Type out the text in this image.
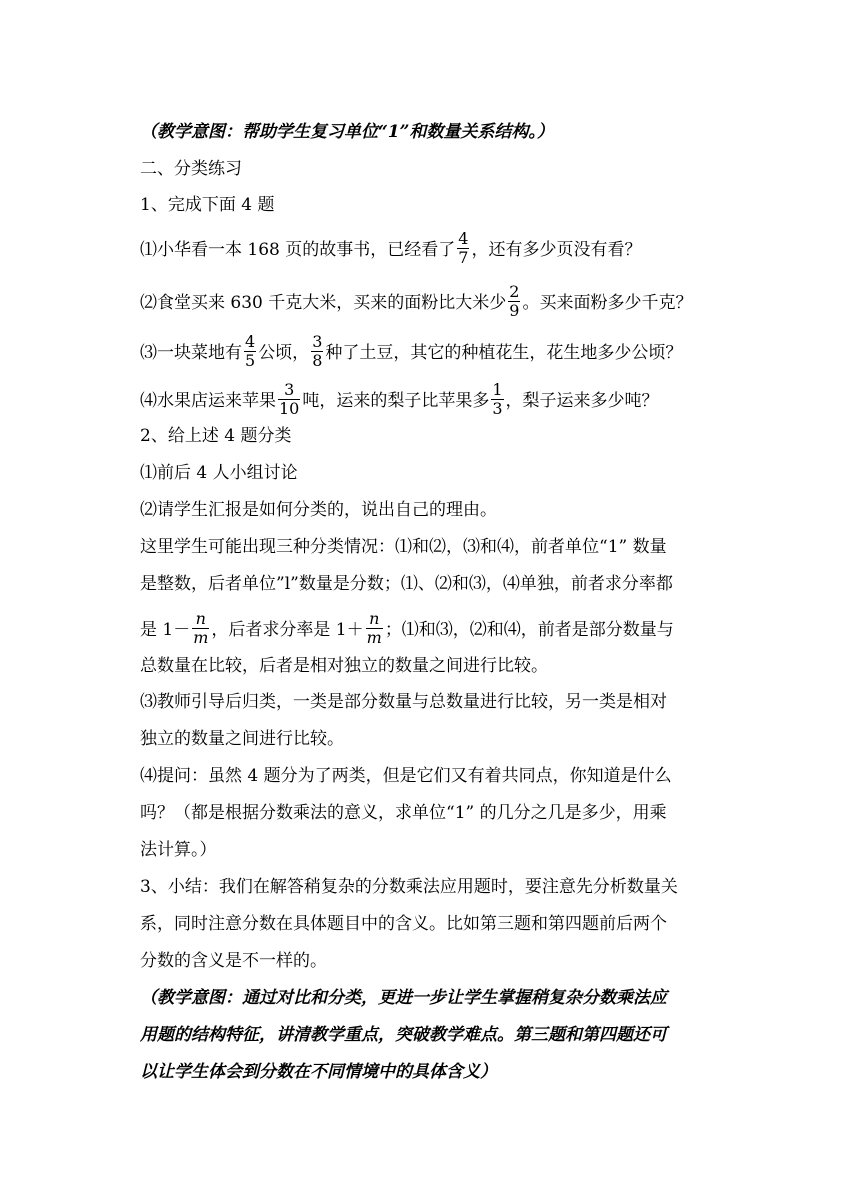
（教学意图：帮助学生复习单位“1”和数量关系结构。）
二、分类练习
1、完成下面 4 题
⑴小华看一本 168 页的故事书，已经看了 $\frac{4}{7}$ ，还有多少页没有看？
⑵食堂买来 630 千克大米，买来的面粉比大米少 $\frac{2}{9}$ 。买来面粉多少千克？
⑶一块菜地有 $\frac{4}{5}$ 公顷， $\frac{3}{8}$ 种了土豆，其它的种植花生，花生地多少公顷？
⑷水果店运来苹果 $\frac{3}{10}$ 吨，运来的梨子比苹果多 $\frac{1}{3}$ ，梨子运来多少吨？
2、给上述 4 题分类
⑴前后 4 人小组讨论
⑵请学生汇报是如何分类的，说出自己的理由。
这里学生可能出现三种分类情况：⑴和⑵，⑶和⑷，前者单位“1” 数量
是整数，后者单位”l”数量是分数；⑴、⑵和⑶，⑷单独，前者求分率都
是 $1- \frac{n}{m}$ ，后者求分率是 $1+ \frac{n}{m}$ ；⑴和⑶，⑵和⑷，前者是部分数量与
总数量在比较，后者是相对独立的数量之间进行比较。
⑶教师引导后归类，一类是部分数量与总数量进行比较，另一类是相对
独立的数量之间进行比较。
⑷提问：虽然 4 题分为了两类，但是它们又有着共同点，你知道是什么
吗？（都是根据分数乘法的意义，求单位“1” 的几分之几是多少，用乘
法计算。）
3、小结：我们在解答稍复杂的分数乘法应用题时，要注意先分析数量关
系，同时注意分数在具体题目中的含义。比如第三题和第四题前后两个
分数的含义是不一样的。
（教学意图：通过对比和分类，更进一步让学生掌握稍复杂分数乘法应
用题的结构特征，讲清教学重点，突破教学难点。第三题和第四题还可
以让学生体会到分数在不同情境中的具体含义）
